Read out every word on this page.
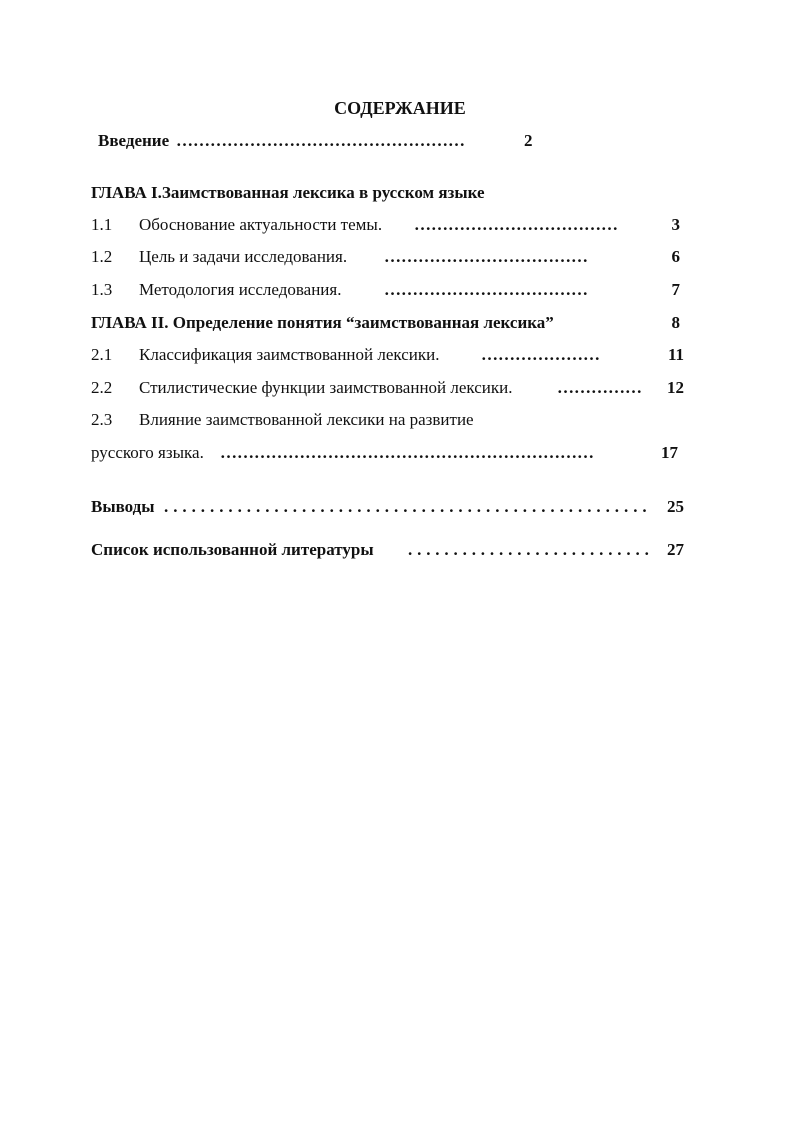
СОДЕРЖАНИЕ
Введение ……………………………………………	2
ГЛАВА I.Заимствованная лексика в русском языке
1.1 Обоснование актуальности темы. ………………………………	3
1.2 Цель и задачи исследования. ………………………………	6
1.3 Методология исследования.	………………………………	7
ГЛАВА II. Определение понятия “заимствованная лексика”	8
2.1 Классификация заимствованной лексики. …………………	11
2.2 Стилистические функции заимствованной лексики.	……………	12
2.3 Влияние заимствованной лексики на развитие
русского языка. …………………………………………………………	17
Выводы . . . . . . . . . . . . . . . . . . . . . . . . . . . . . . . . . . . . . . . . . . . . . . . . . . . . .	25
Список использованной литературы . . . . . . . . . . . . . . . . . . . . . . . . . . .	27
